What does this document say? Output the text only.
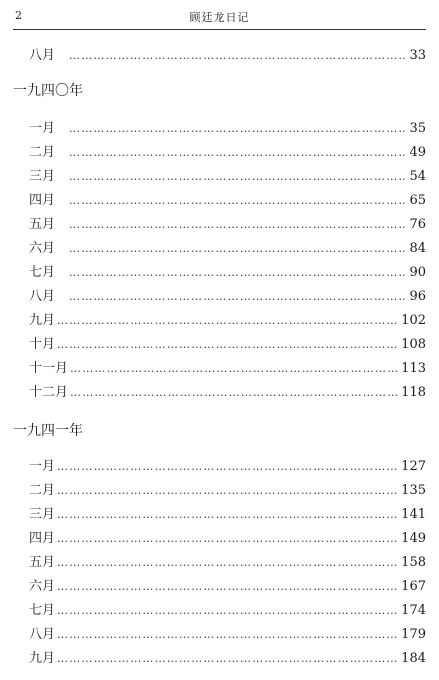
2	顾廷龙日记
八月 ………………………………………………………………………………………………………………………………	33
一九四〇年
一月 ………………………………………………………………………………………………………………………………	35
二月 ………………………………………………………………………………………………………………………………	49
三月 ………………………………………………………………………………………………………………………………	54
四月 ………………………………………………………………………………………………………………………………	65
五月 ………………………………………………………………………………………………………………………………	76
六月 ………………………………………………………………………………………………………………………………	84
七月 ………………………………………………………………………………………………………………………………	90
八月 ………………………………………………………………………………………………………………………………	96
九月 ………………………………………………………………………………………………………………………………	102
十月 ………………………………………………………………………………………………………………………………	108
十一月 ………………………………………………………………………………………………………………………………	113
十二月 ………………………………………………………………………………………………………………………………	118
一九四一年
一月 ………………………………………………………………………………………………………………………………	127
二月 ………………………………………………………………………………………………………………………………	135
三月 ………………………………………………………………………………………………………………………………	141
四月 ………………………………………………………………………………………………………………………………	149
五月 ………………………………………………………………………………………………………………………………	158
六月 ………………………………………………………………………………………………………………………………	167
七月 ………………………………………………………………………………………………………………………………	174
八月 ………………………………………………………………………………………………………………………………	179
九月 ………………………………………………………………………………………………………………………………	184
